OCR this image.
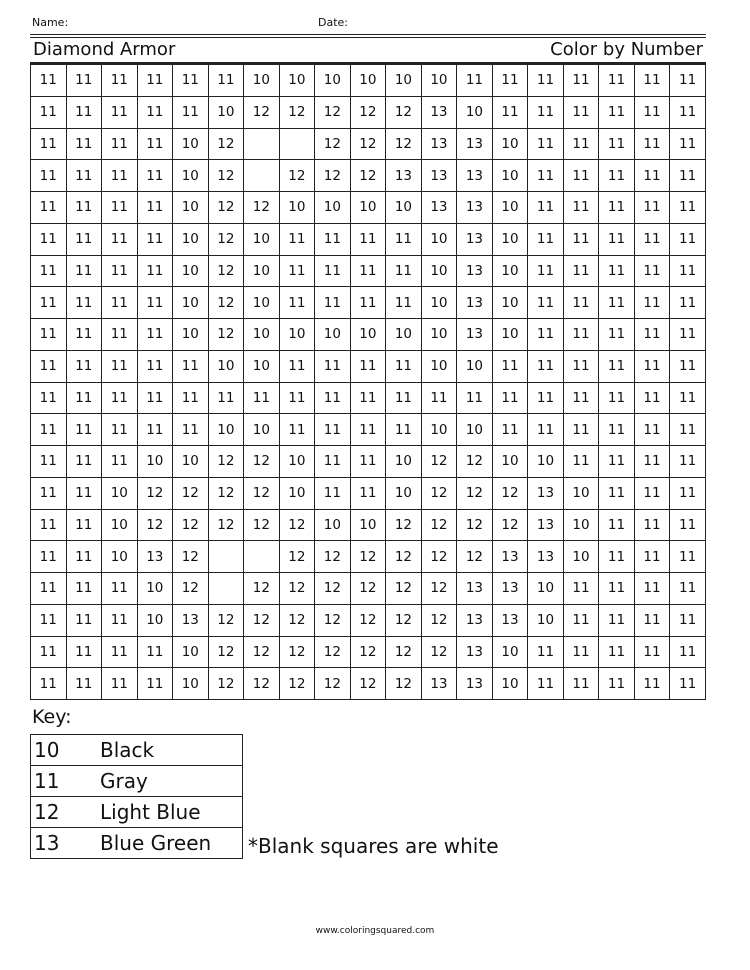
Name:	Date:
Diamond Armor	Color by Number
11	11	11	11	11	11	10	10	10	10	10	10	11	11	11	11	11	11	11
11	11	11	11	11	10	12	12	12	12	12	13	10	11	11	11	11	11	11
11	11	11	11	10	12			12	12	12	13	13	10	11	11	11	11	11
11	11	11	11	10	12		12	12	12	13	13	13	10	11	11	11	11	11
11	11	11	11	10	12	12	10	10	10	10	13	13	10	11	11	11	11	11
11	11	11	11	10	12	10	11	11	11	11	10	13	10	11	11	11	11	11
11	11	11	11	10	12	10	11	11	11	11	10	13	10	11	11	11	11	11
11	11	11	11	10	12	10	11	11	11	11	10	13	10	11	11	11	11	11
11	11	11	11	10	12	10	10	10	10	10	10	13	10	11	11	11	11	11
11	11	11	11	11	10	10	11	11	11	11	10	10	11	11	11	11	11	11
11	11	11	11	11	11	11	11	11	11	11	11	11	11	11	11	11	11	11
11	11	11	11	11	10	10	11	11	11	11	10	10	11	11	11	11	11	11
11	11	11	10	10	12	12	10	11	11	10	12	12	10	10	11	11	11	11
11	11	10	12	12	12	12	10	11	11	10	12	12	12	13	10	11	11	11
11	11	10	12	12	12	12	12	10	10	12	12	12	12	13	10	11	11	11
11	11	10	13	12			12	12	12	12	12	12	13	13	10	11	11	11
11	11	11	10	12		12	12	12	12	12	12	13	13	10	11	11	11	11
11	11	11	10	13	12	12	12	12	12	12	12	13	13	10	11	11	11	11
11	11	11	11	10	12	12	12	12	12	12	12	13	10	11	11	11	11	11
11	11	11	11	10	12	12	12	12	12	12	13	13	10	11	11	11	11	11
Key:
10	Black
11	Gray
12	Light Blue
13	Blue Green *Blank squares are white
www.coloringsquared.com
